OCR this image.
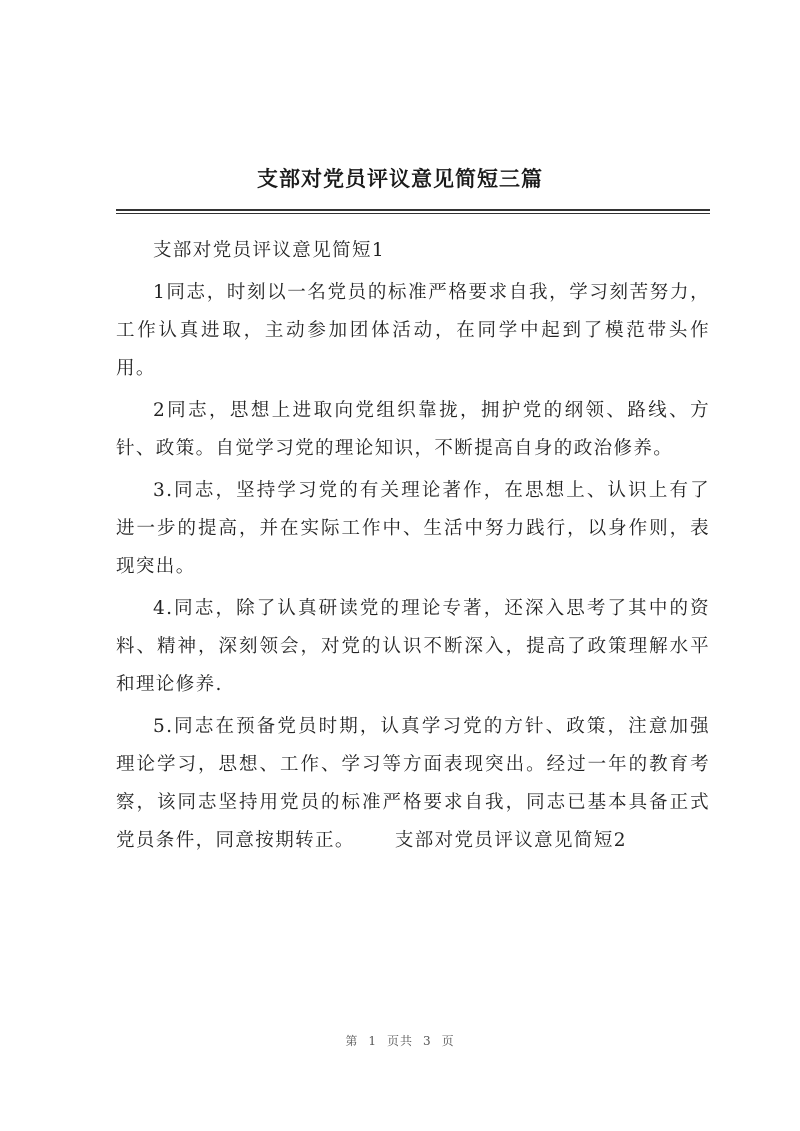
支部对党员评议意见简短三篇

支部对党员评议意见简短1

1同志，时刻以一名党员的标准严格要求自我，学习刻苦努力，工作认真进取，主动参加团体活动，在同学中起到了模范带头作用。

2同志，思想上进取向党组织靠拢，拥护党的纲领、路线、方针、政策。自觉学习党的理论知识，不断提高自身的政治修养。

3.同志，坚持学习党的有关理论著作，在思想上、认识上有了进一步的提高，并在实际工作中、生活中努力践行，以身作则，表现突出。

4.同志，除了认真研读党的理论专著，还深入思考了其中的资料、精神，深刻领会，对党的认识不断深入，提高了政策理解水平和理论修养.

5.同志在预备党员时期，认真学习党的方针、政策，注意加强理论学习，思想、工作、学习等方面表现突出。经过一年的教育考察，该同志坚持用党员的标准严格要求自我，同志已基本具备正式党员条件，同意按期转正。 支部对党员评议意见简短2

第 1 页共 3 页
